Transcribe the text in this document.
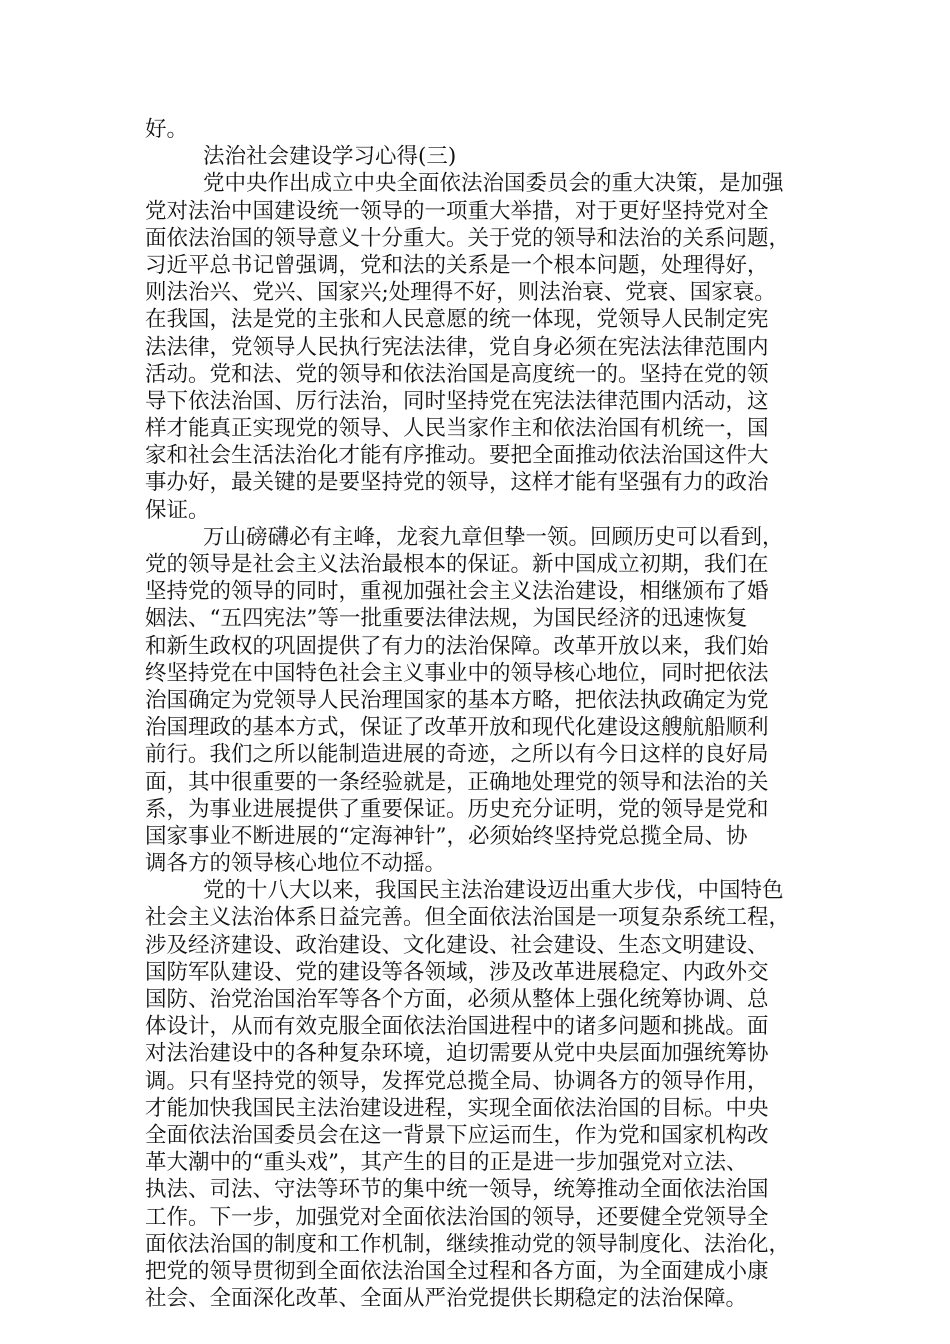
好。
法治社会建设学习心得(三)
党中央作出成立中央全面依法治国委员会的重大决策，是加强
党对法治中国建设统一领导的一项重大举措，对于更好坚持党对全
面依法治国的领导意义十分重大。关于党的领导和法治的关系问题，
习近平总书记曾强调，党和法的关系是一个根本问题，处理得好，
则法治兴、党兴、国家兴;处理得不好，则法治衰、党衰、国家衰。
在我国，法是党的主张和人民意愿的统一体现，党领导人民制定宪
法法律，党领导人民执行宪法法律，党自身必须在宪法法律范围内
活动。党和法、党的领导和依法治国是高度统一的。坚持在党的领
导下依法治国、厉行法治，同时坚持党在宪法法律范围内活动，这
样才能真正实现党的领导、人民当家作主和依法治国有机统一，国
家和社会生活法治化才能有序推动。要把全面推动依法治国这件大
事办好，最关键的是要坚持党的领导，这样才能有坚强有力的政治
保证。
万山磅礴必有主峰，龙衮九章但挚一领。回顾历史可以看到，
党的领导是社会主义法治最根本的保证。新中国成立初期，我们在
坚持党的领导的同时，重视加强社会主义法治建设，相继颁布了婚
姻法、“五四宪法”等一批重要法律法规，为国民经济的迅速恢复
和新生政权的巩固提供了有力的法治保障。改革开放以来，我们始
终坚持党在中国特色社会主义事业中的领导核心地位，同时把依法
治国确定为党领导人民治理国家的基本方略，把依法执政确定为党
治国理政的基本方式，保证了改革开放和现代化建设这艘航船顺利
前行。我们之所以能制造进展的奇迹，之所以有今日这样的良好局
面，其中很重要的一条经验就是，正确地处理党的领导和法治的关
系，为事业进展提供了重要保证。历史充分证明，党的领导是党和
国家事业不断进展的“定海神针”，必须始终坚持党总揽全局、协
调各方的领导核心地位不动摇。
党的十八大以来，我国民主法治建设迈出重大步伐，中国特色
社会主义法治体系日益完善。但全面依法治国是一项复杂系统工程，
涉及经济建设、政治建设、文化建设、社会建设、生态文明建设、
国防军队建设、党的建设等各领域，涉及改革进展稳定、内政外交
国防、治党治国治军等各个方面，必须从整体上强化统筹协调、总
体设计，从而有效克服全面依法治国进程中的诸多问题和挑战。面
对法治建设中的各种复杂环境，迫切需要从党中央层面加强统筹协
调。只有坚持党的领导，发挥党总揽全局、协调各方的领导作用，
才能加快我国民主法治建设进程，实现全面依法治国的目标。中央
全面依法治国委员会在这一背景下应运而生，作为党和国家机构改
革大潮中的“重头戏”，其产生的目的正是进一步加强党对立法、
执法、司法、守法等环节的集中统一领导，统筹推动全面依法治国
工作。下一步，加强党对全面依法治国的领导，还要健全党领导全
面依法治国的制度和工作机制，继续推动党的领导制度化、法治化，
把党的领导贯彻到全面依法治国全过程和各方面，为全面建成小康
社会、全面深化改革、全面从严治党提供长期稳定的法治保障。
